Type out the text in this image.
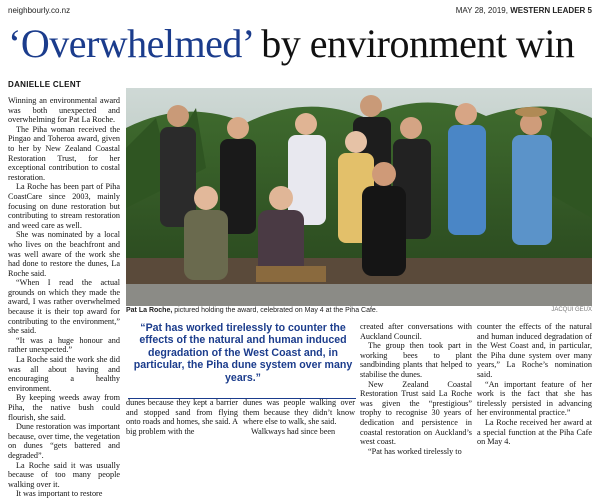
neighbourly.co.nz	MAY 28, 2019, WESTERN LEADER 5
‘Overwhelmed’ by environment win
DANIELLE CLENT

Winning an environmental award was both unexpected and overwhelming for Pat La Roche.

The Piha woman received the Pingao and Toheroa award, given to her by New Zealand Coastal Restoration Trust, for her exceptional contribution to costal restoration.

La Roche has been part of Piha CoastCare since 2003, mainly focusing on dune restoration but contributing to stream restoration and weed care as well.

She was nominated by a local who lives on the beachfront and was well aware of the work she had done to restore the dunes, La Roche said.

“When I read the actual grounds on which they made the award, I was rather overwhelmed because it is their top award for contributing to the environment,” she said.

“It was a huge honour and rather unexpected.”

La Roche said the work she did was all about having and encouraging a healthy environment.

By keeping weeds away from Piha, the native bush could flourish, she said.

Dune restoration was important because, over time, the vegetation on dunes “gets battered and degraded”.

La Roche said it was usually because of too many people walking over it.

It was important to restore

Pat La Roche, pictured holding the award, celebrated on May 4 at the Piha Cafe.	JACQUI GEUX
“Pat has worked tirelessly to counter the effects of the natural and human induced degradation of the West Coast and, in particular, the Piha dune system over many years.”

dunes because they kept a barrier and stopped sand from flying onto roads and homes, she said. A big problem with the

dunes was people walking over them because they didn’t know where else to walk, she said.

Walkways had since been

created after conversations with Auckland Council.

The group then took part in working bees to plant sandbinding plants that helped to stabilise the dunes.

New Zealand Coastal Restoration Trust said La Roche was given the “prestigious” trophy to recognise 30 years of dedication and persistence in coastal restoration on Auckland’s west coast.

“Pat has worked tirelessly to

counter the effects of the natural and human induced degradation of the West Coast and, in particular, the Piha dune system over many years,” La Roche’s nomination said.

“An important feature of her work is the fact that she has tirelessly persisted in advancing her environmental practice.”

La Roche received her award at a special function at the Piha Cafe on May 4.
